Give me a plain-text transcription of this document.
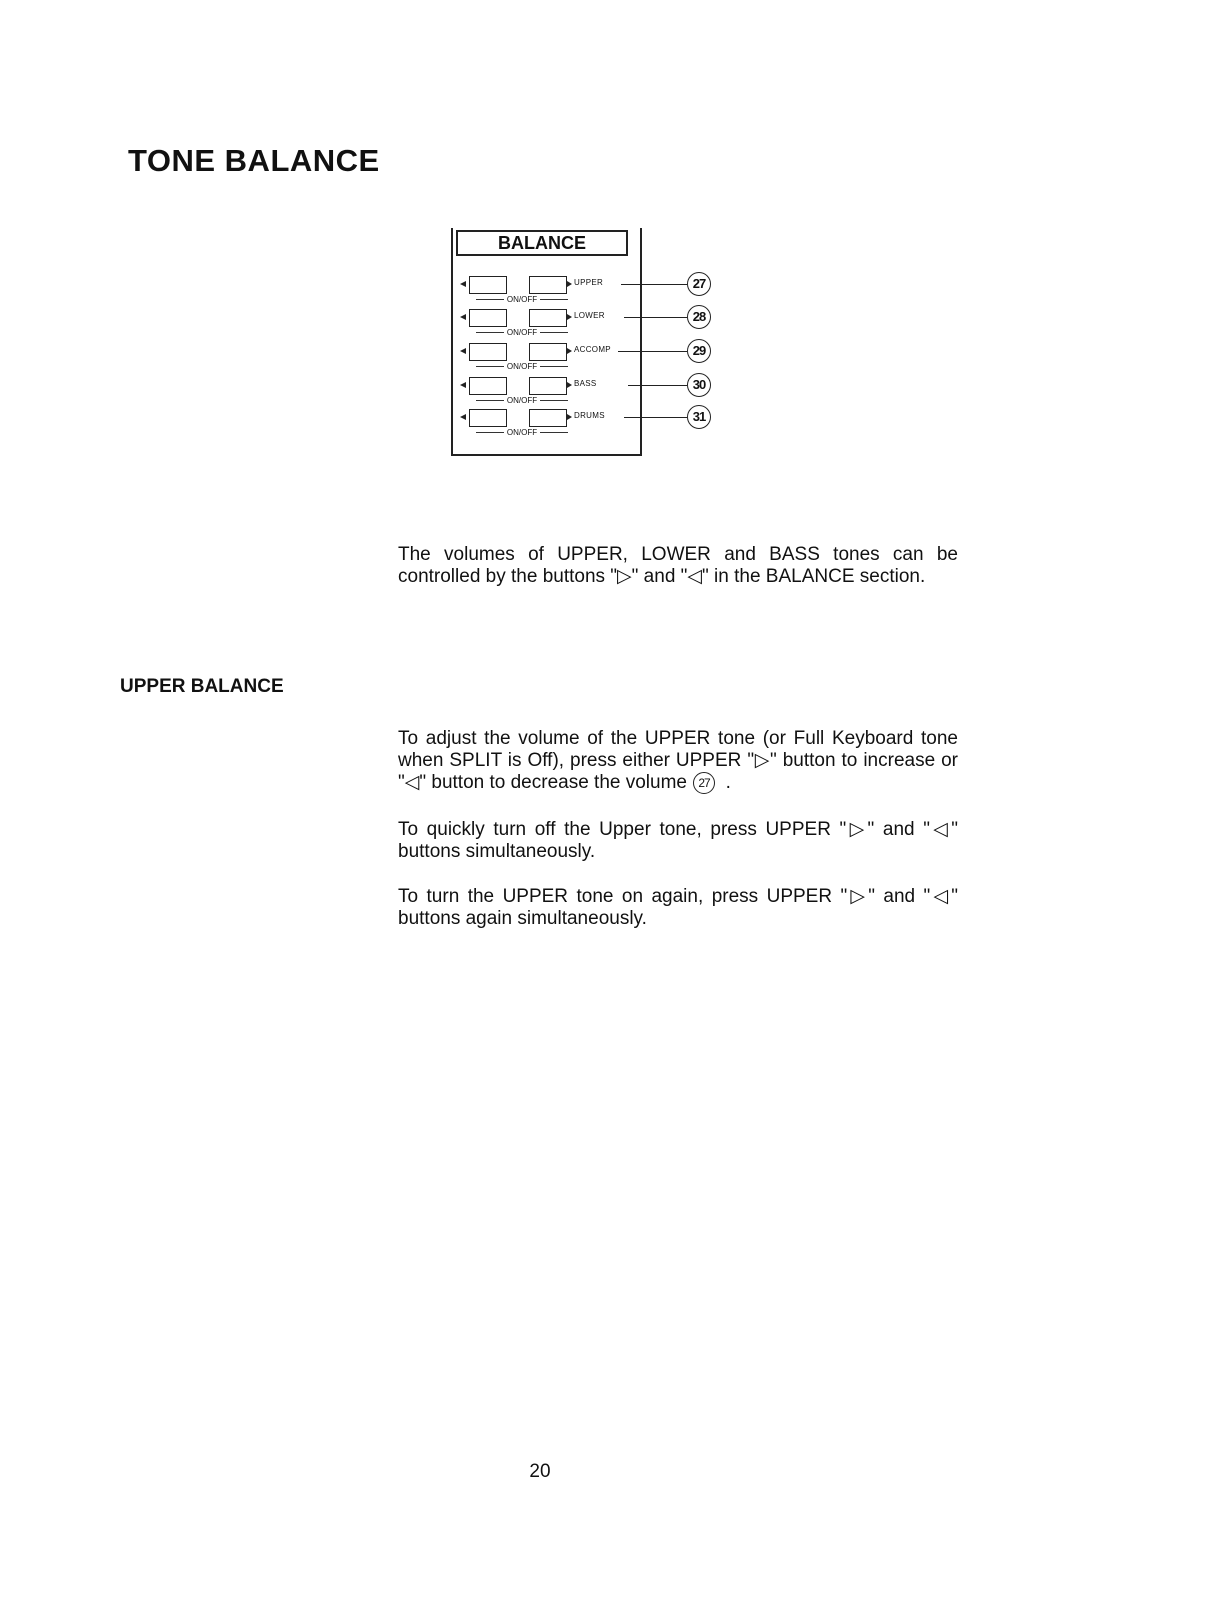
TONE BALANCE
BALANCE
UPPER
ON/OFF
27
LOWER
ON/OFF
28
ACCOMP
ON/OFF
29
BASS
ON/OFF
30
DRUMS
ON/OFF
31

The volumes of UPPER, LOWER and BASS tones can be controlled by the buttons "▷" and "◁" in the BALANCE section.

UPPER BALANCE

To adjust the volume of the UPPER tone (or Full Keyboard tone when SPLIT is Off), press either UPPER "▷" button to increase or "◁" button to decrease the volume 27 .

To quickly turn off the Upper tone, press UPPER "▷" and "◁" buttons simultaneously.

To turn the UPPER tone on again, press UPPER "▷" and "◁" buttons again simultaneously.

20
